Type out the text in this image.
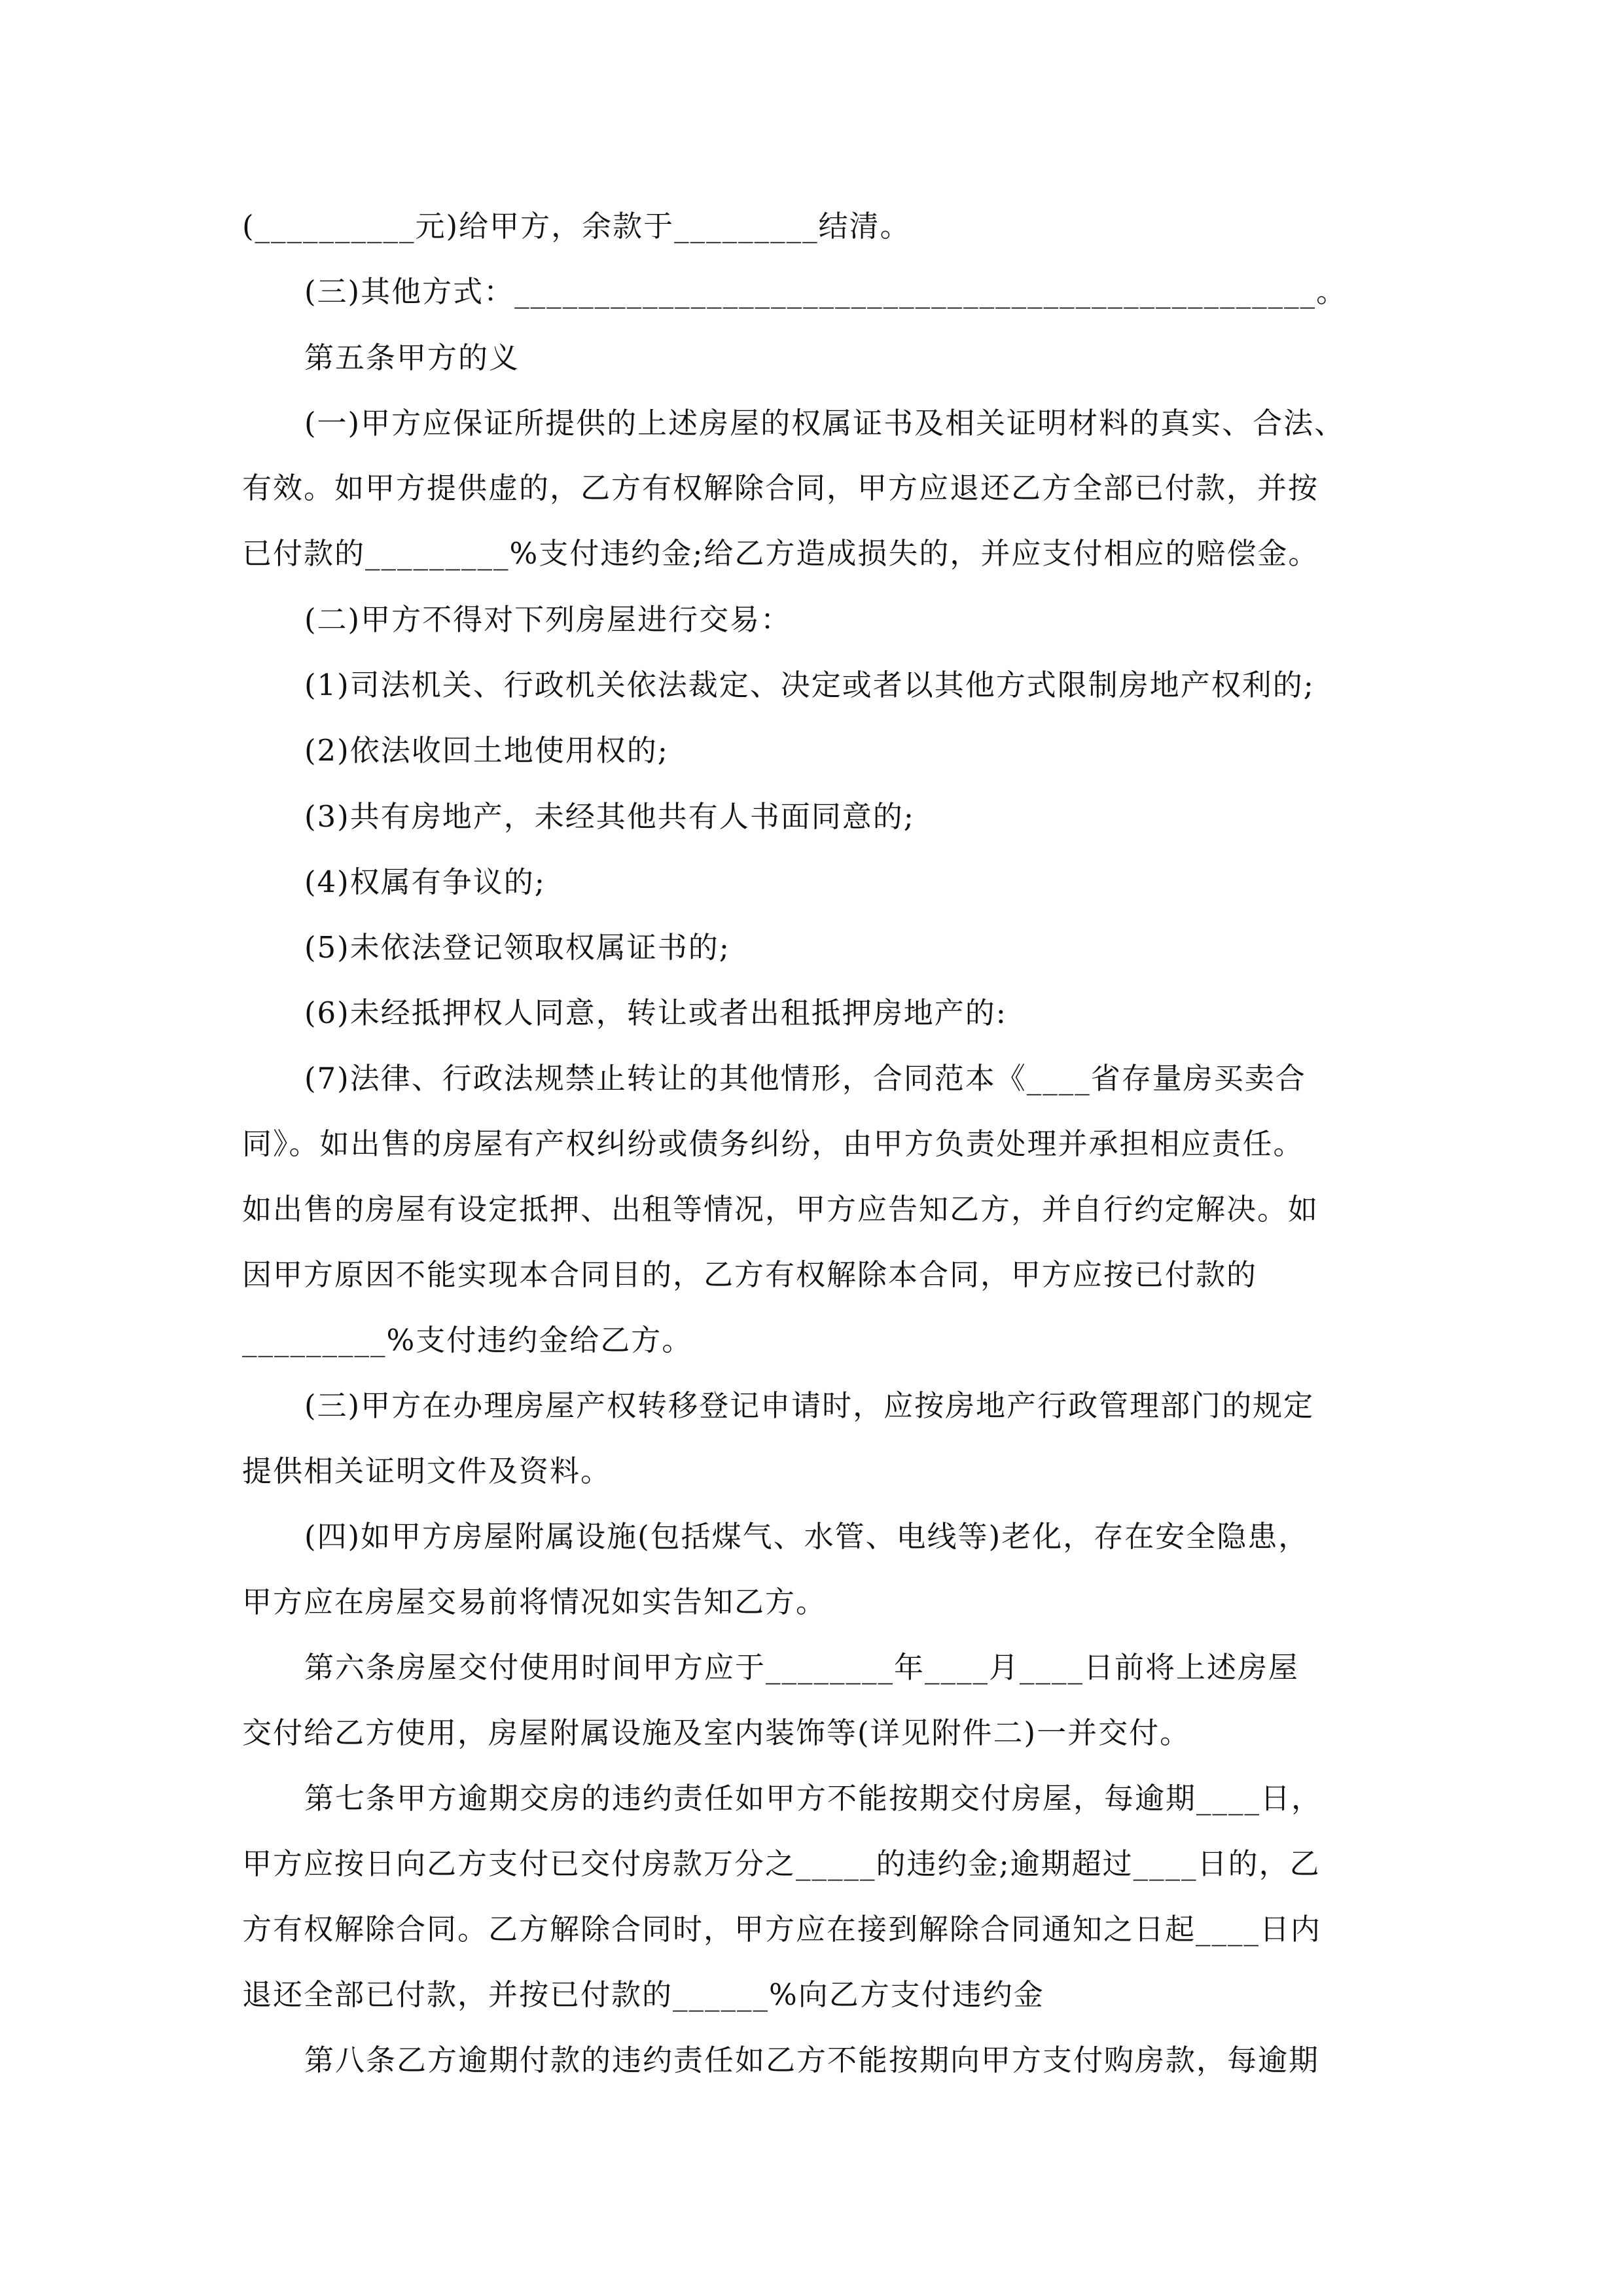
(__________元)给甲方，余款于_________结清。
(三)其他方式：__________________________________________________。
第五条甲方的义
(一)甲方应保证所提供的上述房屋的权属证书及相关证明材料的真实、合法、
有效。如甲方提供虚的，乙方有权解除合同，甲方应退还乙方全部已付款，并按
已付款的_________%支付违约金;给乙方造成损失的，并应支付相应的赔偿金。
(二)甲方不得对下列房屋进行交易：
(1)司法机关、行政机关依法裁定、决定或者以其他方式限制房地产权利的;
(2)依法收回土地使用权的;
(3)共有房地产，未经其他共有人书面同意的;
(4)权属有争议的;
(5)未依法登记领取权属证书的;
(6)未经抵押权人同意，转让或者出租抵押房地产的:
(7)法律、行政法规禁止转让的其他情形，合同范本《____省存量房买卖合
同》。如出售的房屋有产权纠纷或债务纠纷，由甲方负责处理并承担相应责任。
如出售的房屋有设定抵押、出租等情况，甲方应告知乙方，并自行约定解决。如
因甲方原因不能实现本合同目的，乙方有权解除本合同，甲方应按已付款的
_________%支付违约金给乙方。
(三)甲方在办理房屋产权转移登记申请时，应按房地产行政管理部门的规定
提供相关证明文件及资料。
(四)如甲方房屋附属设施(包括煤气、水管、电线等)老化，存在安全隐患，
甲方应在房屋交易前将情况如实告知乙方。
第六条房屋交付使用时间甲方应于________年____月____日前将上述房屋
交付给乙方使用，房屋附属设施及室内装饰等(详见附件二)一并交付。
第七条甲方逾期交房的违约责任如甲方不能按期交付房屋，每逾期____日，
甲方应按日向乙方支付已交付房款万分之_____的违约金;逾期超过____日的，乙
方有权解除合同。乙方解除合同时，甲方应在接到解除合同通知之日起____日内
退还全部已付款，并按已付款的______%向乙方支付违约金
第八条乙方逾期付款的违约责任如乙方不能按期向甲方支付购房款，每逾期
